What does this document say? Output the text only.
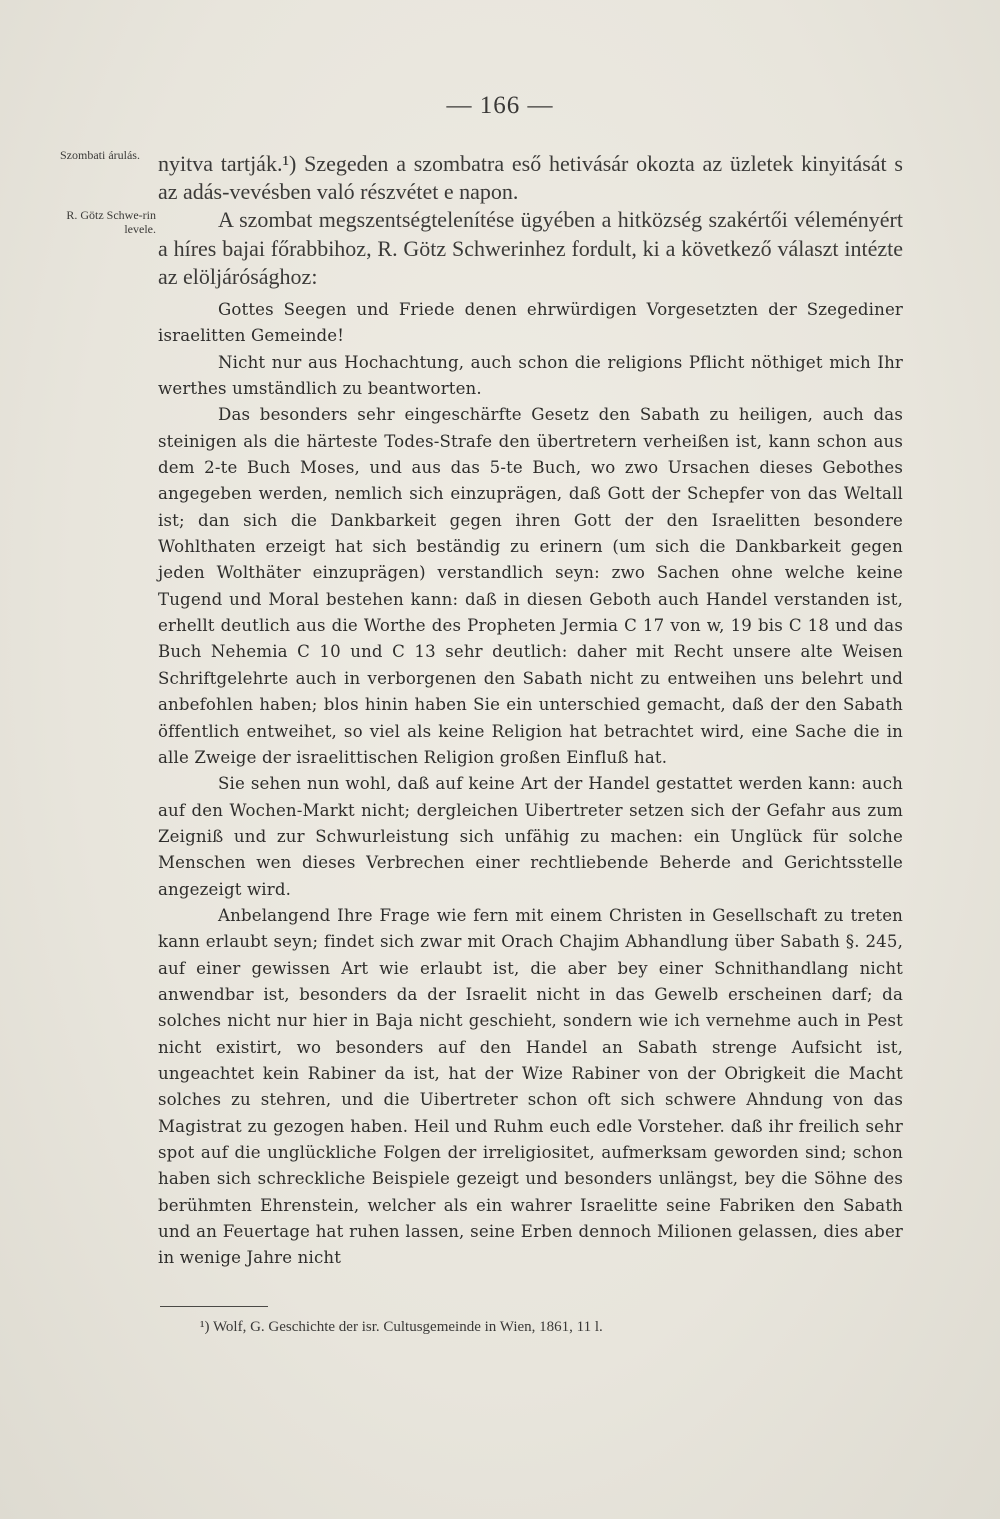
— 166 —
Szombati árulás.
R. Götz Schwe-rin levele.

nyitva tartják.¹) Szegeden a szombatra eső hetivásár okozta az üzletek kinyitását s az adás-vevésben való részvétet e napon.

A szombat megszentségtelenítése ügyében a hitközség szakértői véleményért a híres bajai főrabbihoz, R. Götz Schwerinhez fordult, ki a következő választ intézte az elöljárósághoz:

Gottes Seegen und Friede denen ehrwürdigen Vorgesetzten der Szegediner israelitten Gemeinde!

Nicht nur aus Hochachtung, auch schon die religions Pflicht nöthiget mich Ihr werthes umständlich zu beantworten.

Das besonders sehr eingeschärfte Gesetz den Sabath zu heiligen, auch das steinigen als die härteste Todes-Strafe den übertretern verheißen ist, kann schon aus dem 2-te Buch Moses, und aus das 5-te Buch, wo zwo Ursachen dieses Gebothes angegeben werden, nemlich sich einzuprägen, daß Gott der Schepfer von das Weltall ist; dan sich die Dankbarkeit gegen ihren Gott der den Israelitten besondere Wohlthaten erzeigt hat sich beständig zu erinern (um sich die Dankbarkeit gegen jeden Wolthäter einzuprägen) verstandlich seyn: zwo Sachen ohne welche keine Tugend und Moral bestehen kann: daß in diesen Geboth auch Handel verstanden ist, erhellt deutlich aus die Worthe des Propheten Jermia C 17 von w, 19 bis C 18 und das Buch Nehemia C 10 und C 13 sehr deutlich: daher mit Recht unsere alte Weisen Schriftgelehrte auch in verborgenen den Sabath nicht zu entweihen uns belehrt und anbefohlen haben; blos hinin haben Sie ein unterschied gemacht, daß der den Sabath öffentlich entweihet, so viel als keine Religion hat betrachtet wird, eine Sache die in alle Zweige der israelittischen Religion großen Einfluß hat.

Sie sehen nun wohl, daß auf keine Art der Handel gestattet werden kann: auch auf den Wochen-Markt nicht; dergleichen Uibertreter setzen sich der Gefahr aus zum Zeigniß und zur Schwurleistung sich unfähig zu machen: ein Unglück für solche Menschen wen dieses Verbrechen einer rechtliebende Beherde and Gerichtsstelle angezeigt wird.

Anbelangend Ihre Frage wie fern mit einem Christen in Gesellschaft zu treten kann erlaubt seyn; findet sich zwar mit Orach Chajim Abhandlung über Sabath §. 245, auf einer gewissen Art wie erlaubt ist, die aber bey einer Schnithandlang nicht anwendbar ist, besonders da der Israelit nicht in das Gewelb erscheinen darf; da solches nicht nur hier in Baja nicht geschieht, sondern wie ich vernehme auch in Pest nicht existirt, wo besonders auf den Handel an Sabath strenge Aufsicht ist, ungeachtet kein Rabiner da ist, hat der Wize Rabiner von der Obrigkeit die Macht solches zu stehren, und die Uibertreter schon oft sich schwere Ahndung von das Magistrat zu gezogen haben. Heil und Ruhm euch edle Vorsteher. daß ihr freilich sehr spot auf die unglückliche Folgen der irreligiositet, aufmerksam geworden sind; schon haben sich schreckliche Beispiele gezeigt und besonders unlängst, bey die Söhne des berühmten Ehrenstein, welcher als ein wahrer Israelitte seine Fabriken den Sabath und an Feuertage hat ruhen lassen, seine Erben dennoch Milionen gelassen, dies aber in wenige Jahre nicht

¹) Wolf, G. Geschichte der isr. Cultusgemeinde in Wien, 1861, 11 l.
